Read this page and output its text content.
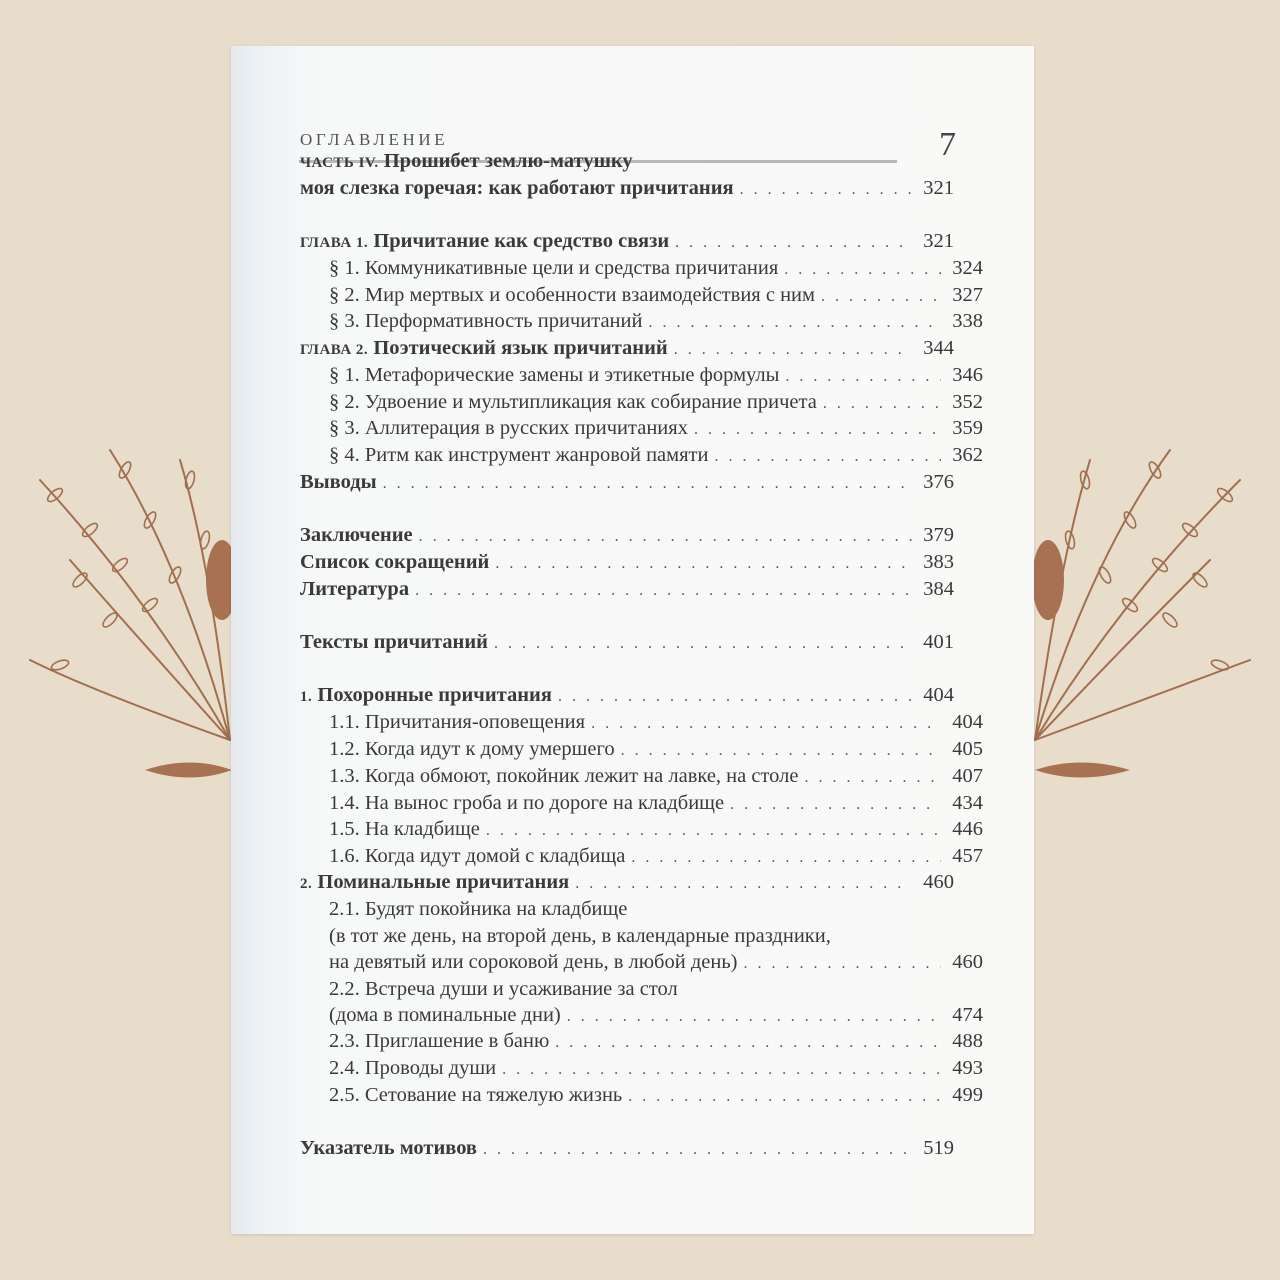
ОГЛАВЛЕНИЕ	7
ЧАСТЬ IV. Прошибет землю-матушку
моя слезка горечая: как работают причитания . . .	321
ГЛАВА 1. Причитание как средство связи . . .	321
§ 1. Коммуникативные цели и средства причитания . . .	324
§ 2. Мир мертвых и особенности взаимодействия с ним . . .	327
§ 3. Перформативность причитаний . . .	338
ГЛАВА 2. Поэтический язык причитаний . . .	344
§ 1. Метафорические замены и этикетные формулы . . .	346
§ 2. Удвоение и мультипликация как собирание причета . . .	352
§ 3. Аллитерация в русских причитаниях . . .	359
§ 4. Ритм как инструмент жанровой памяти . . .	362
Выводы . . .	376
Заключение . . .	379
Список сокращений . . .	383
Литература . . .	384
Тексты причитаний . . .	401
1. Похоронные причитания . . .	404
1.1. Причитания-оповещения . . .	404
1.2. Когда идут к дому умершего . . .	405
1.3. Когда обмоют, покойник лежит на лавке, на столе . . .	407
1.4. На вынос гроба и по дороге на кладбище . . .	434
1.5. На кладбище . . .	446
1.6. Когда идут домой с кладбища . . .	457
2. Поминальные причитания . . .	460
2.1. Будят покойника на кладбище
(в тот же день, на второй день, в календарные праздники,
на девятый или сороковой день, в любой день) . . .	460
2.2. Встреча души и усаживание за стол
(дома в поминальные дни) . . .	474
2.3. Приглашение в баню . . .	488
2.4. Проводы души . . .	493
2.5. Сетование на тяжелую жизнь . . .	499
Указатель мотивов . . .	519
